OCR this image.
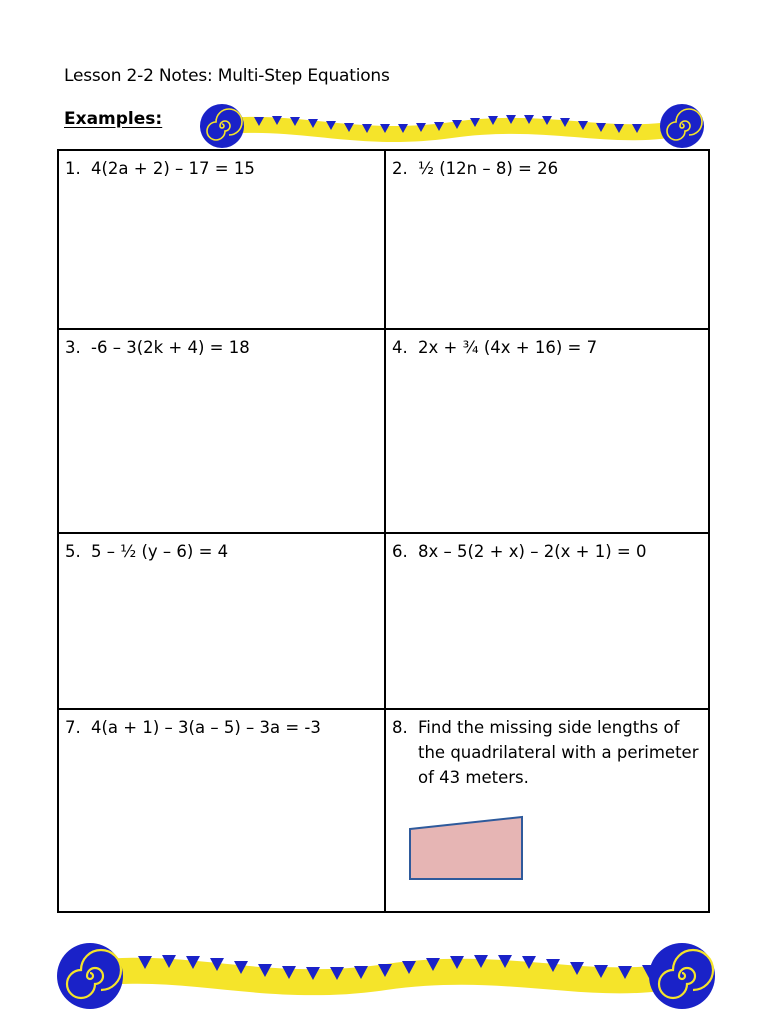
Lesson 2-2 Notes: Multi-Step Equations
Examples:
1. 4(2a + 2) – 17 = 15	2. ½ (12n – 8) = 26
3. -6 – 3(2k + 4) = 18	4. 2x + ¾ (4x + 16) = 7
5. 5 – ½ (y – 6) = 4	6. 8x – 5(2 + x) – 2(x + 1) = 0
7. 4(a + 1) – 3(a – 5) – 3a = -3	8. Find the missing side lengths of the quadrilateral with a perimeter of 43 meters.
